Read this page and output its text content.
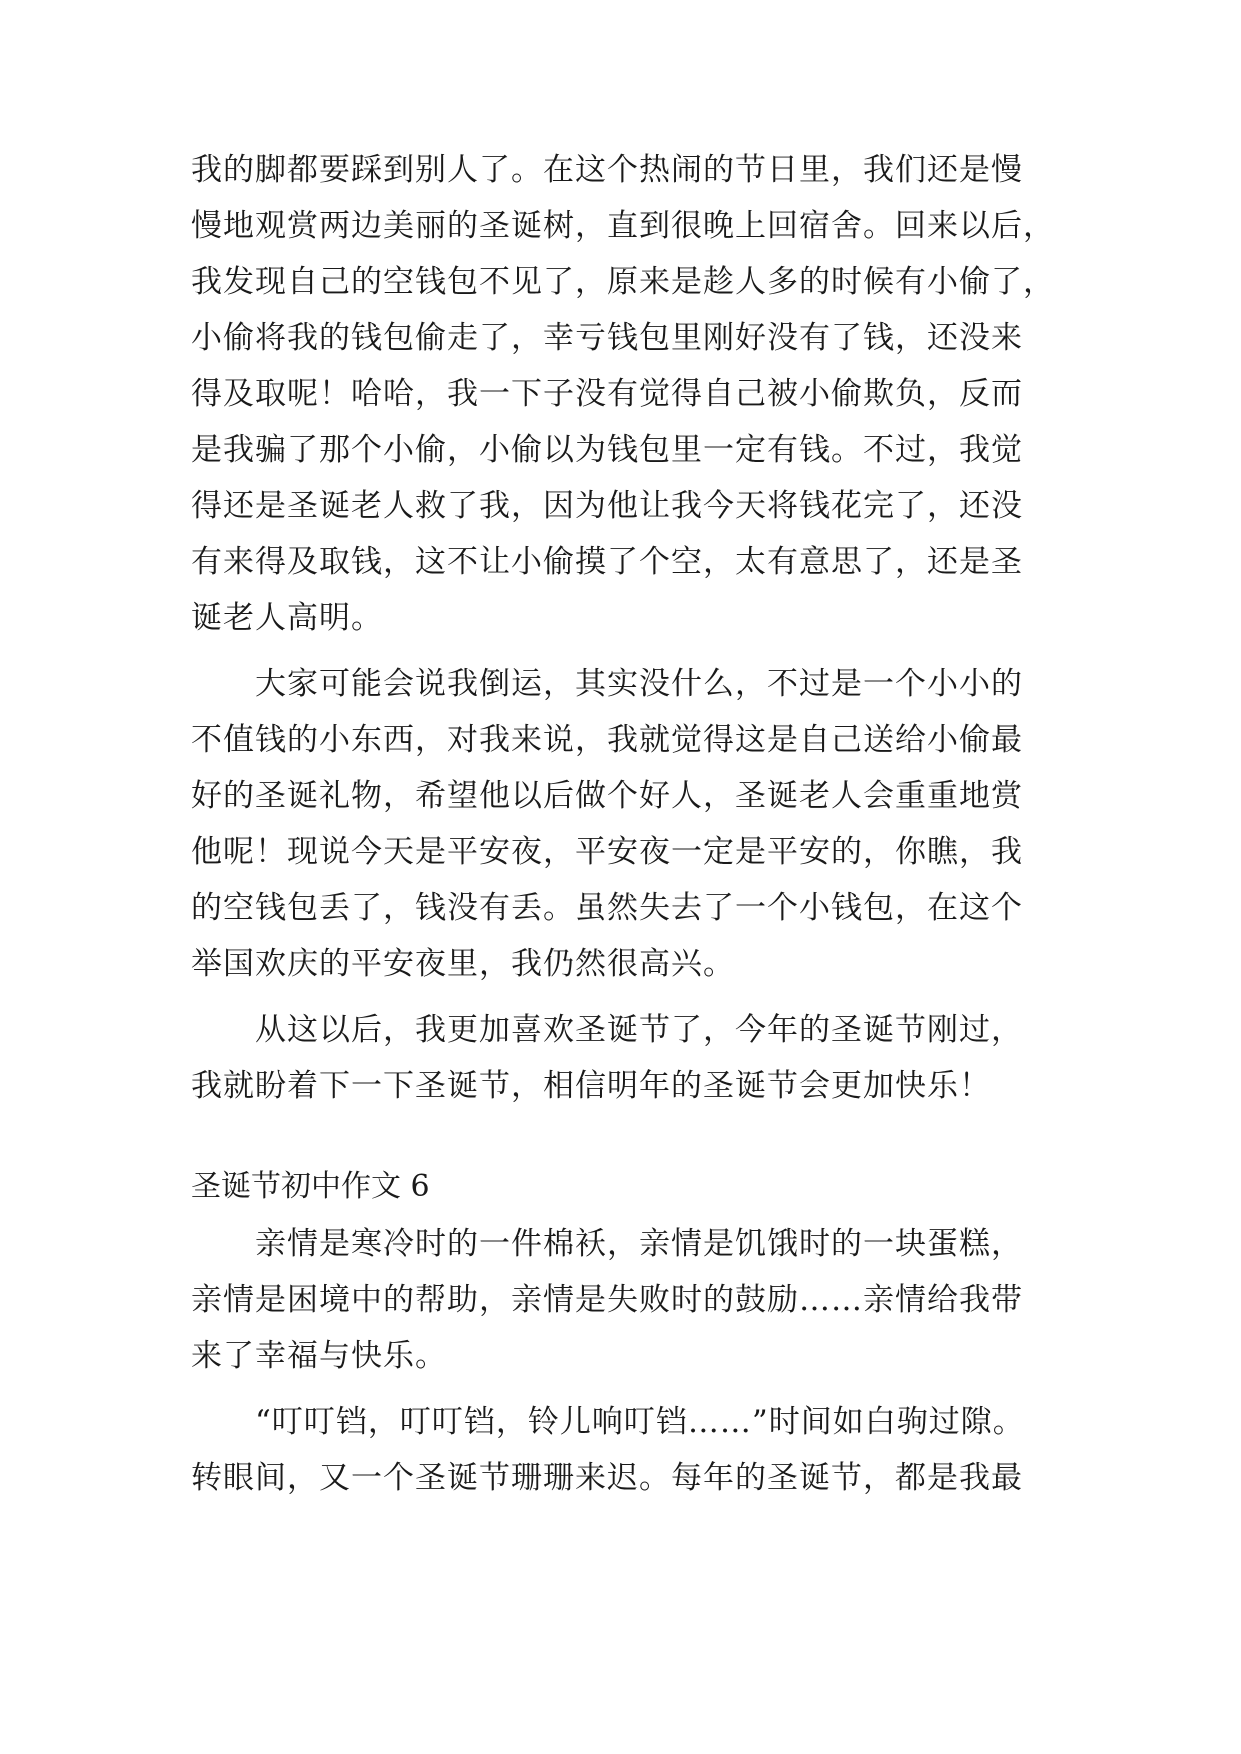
我的脚都要踩到别人了。在这个热闹的节日里，我们还是慢
慢地观赏两边美丽的圣诞树，直到很晚上回宿舍。回来以后，
我发现自己的空钱包不见了，原来是趁人多的时候有小偷了，
小偷将我的钱包偷走了，幸亏钱包里刚好没有了钱，还没来
得及取呢！哈哈，我一下子没有觉得自己被小偷欺负，反而
是我骗了那个小偷，小偷以为钱包里一定有钱。不过，我觉
得还是圣诞老人救了我，因为他让我今天将钱花完了，还没
有来得及取钱，这不让小偷摸了个空，太有意思了，还是圣
诞老人高明。
大家可能会说我倒运，其实没什么，不过是一个小小的
不值钱的小东西，对我来说，我就觉得这是自己送给小偷最
好的圣诞礼物，希望他以后做个好人，圣诞老人会重重地赏
他呢！现说今天是平安夜，平安夜一定是平安的，你瞧，我
的空钱包丢了，钱没有丢。虽然失去了一个小钱包，在这个
举国欢庆的平安夜里，我仍然很高兴。
从这以后，我更加喜欢圣诞节了，今年的圣诞节刚过，
我就盼着下一下圣诞节，相信明年的圣诞节会更加快乐！
圣诞节初中作文 6
亲情是寒冷时的一件棉袄，亲情是饥饿时的一块蛋糕，
亲情是困境中的帮助，亲情是失败时的鼓励……亲情给我带
来了幸福与快乐。
“叮叮铛，叮叮铛，铃儿响叮铛……”时间如白驹过隙。
转眼间，又一个圣诞节珊珊来迟。每年的圣诞节，都是我最
